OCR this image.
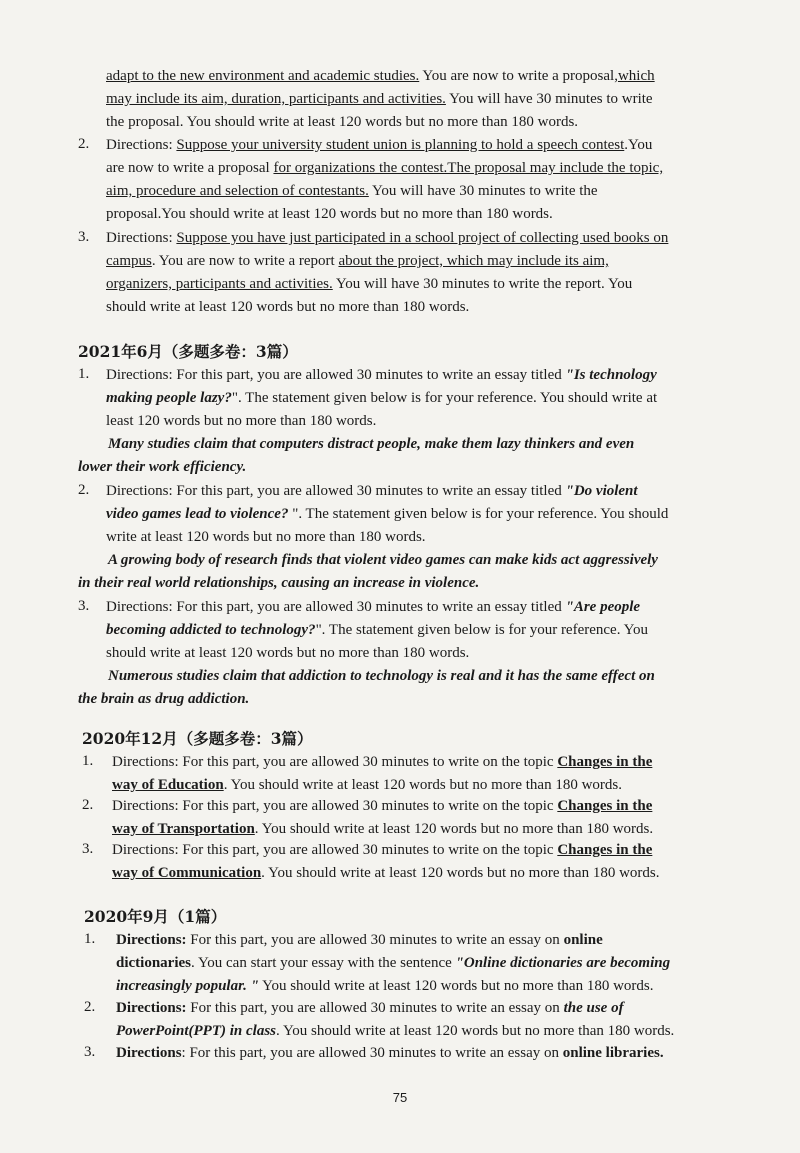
adapt to the new environment and academic studies. You are now to write a proposal,which
may include its aim, duration, participants and activities. You will have 30 minutes to write
the proposal. You should write at least 120 words but no more than 180 words.
2. Directions: Suppose your university student union is planning to hold a speech contest.You
are now to write a proposal for organizations the contest.The proposal may include the topic,
aim, procedure and selection of contestants. You will have 30 minutes to write the
proposal.You should write at least 120 words but no more than 180 words.
3. Directions: Suppose you have just participated in a school project of collecting used books on
campus. You are now to write a report about the project, which may include its aim,
organizers, participants and activities. You will have 30 minutes to write the report. You
should write at least 120 words but no more than 180 words.
2021年6月（多题多卷：3篇）
1. Directions: For this part, you are allowed 30 minutes to write an essay titled "Is technology
making people lazy?". The statement given below is for your reference. You should write at
least 120 words but no more than 180 words.
Many studies claim that computers distract people, make them lazy thinkers and even
lower their work efficiency.
2. Directions: For this part, you are allowed 30 minutes to write an essay titled "Do violent
video games lead to violence? ". The statement given below is for your reference. You should
write at least 120 words but no more than 180 words.
A growing body of research finds that violent video games can make kids act aggressively
in their real world relationships, causing an increase in violence.
3. Directions: For this part, you are allowed 30 minutes to write an essay titled "Are people
becoming addicted to technology?". The statement given below is for your reference. You
should write at least 120 words but no more than 180 words.
Numerous studies claim that addiction to technology is real and it has the same effect on
the brain as drug addiction.
2020年12月（多题多卷：3篇）
1. Directions: For this part, you are allowed 30 minutes to write on the topic Changes in the
way of Education. You should write at least 120 words but no more than 180 words.
2. Directions: For this part, you are allowed 30 minutes to write on the topic Changes in the
way of Transportation. You should write at least 120 words but no more than 180 words.
3. Directions: For this part, you are allowed 30 minutes to write on the topic Changes in the
way of Communication. You should write at least 120 words but no more than 180 words.
2020年9月（1篇）
1. Directions: For this part, you are allowed 30 minutes to write an essay on online
dictionaries. You can start your essay with the sentence "Online dictionaries are becoming
increasingly popular. " You should write at least 120 words but no more than 180 words.
2. Directions: For this part, you are allowed 30 minutes to write an essay on the use of
PowerPoint(PPT) in class. You should write at least 120 words but no more than 180 words.
3. Directions: For this part, you are allowed 30 minutes to write an essay on online libraries.
75
